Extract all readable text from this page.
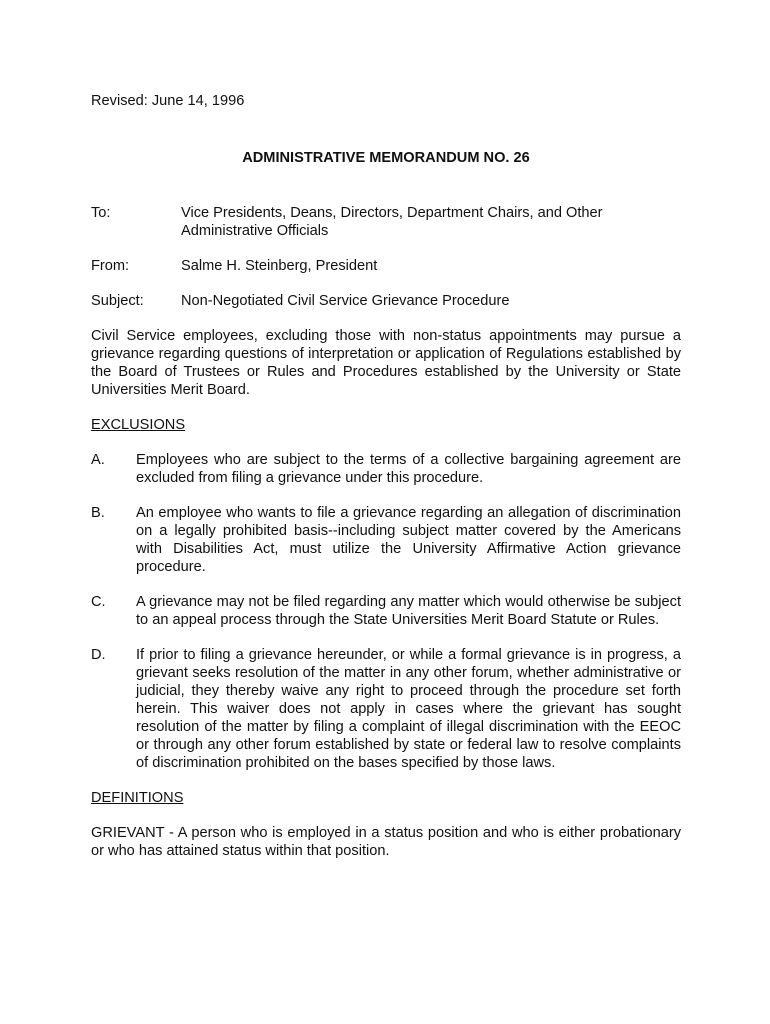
Revised: June 14, 1996

ADMINISTRATIVE MEMORANDUM NO. 26

To:	Vice Presidents, Deans, Directors, Department Chairs, and Other Administrative Officials
From:	Salme H. Steinberg, President
Subject:	Non-Negotiated Civil Service Grievance Procedure

Civil Service employees, excluding those with non-status appointments may pursue a grievance regarding questions of interpretation or application of Regulations established by the Board of Trustees or Rules and Procedures established by the University or State Universities Merit Board.

EXCLUSIONS

A.	Employees who are subject to the terms of a collective bargaining agreement are excluded from filing a grievance under this procedure.

B.	An employee who wants to file a grievance regarding an allegation of discrimination on a legally prohibited basis--including subject matter covered by the Americans with Disabilities Act, must utilize the University Affirmative Action grievance procedure.

C.	A grievance may not be filed regarding any matter which would otherwise be subject to an appeal process through the State Universities Merit Board Statute or Rules.

D.	If prior to filing a grievance hereunder, or while a formal grievance is in progress, a grievant seeks resolution of the matter in any other forum, whether administrative or judicial, they thereby waive any right to proceed through the procedure set forth herein. This waiver does not apply in cases where the grievant has sought resolution of the matter by filing a complaint of illegal discrimination with the EEOC or through any other forum established by state or federal law to resolve complaints of discrimination prohibited on the bases specified by those laws.

DEFINITIONS

GRIEVANT - A person who is employed in a status position and who is either probationary or who has attained status within that position.
